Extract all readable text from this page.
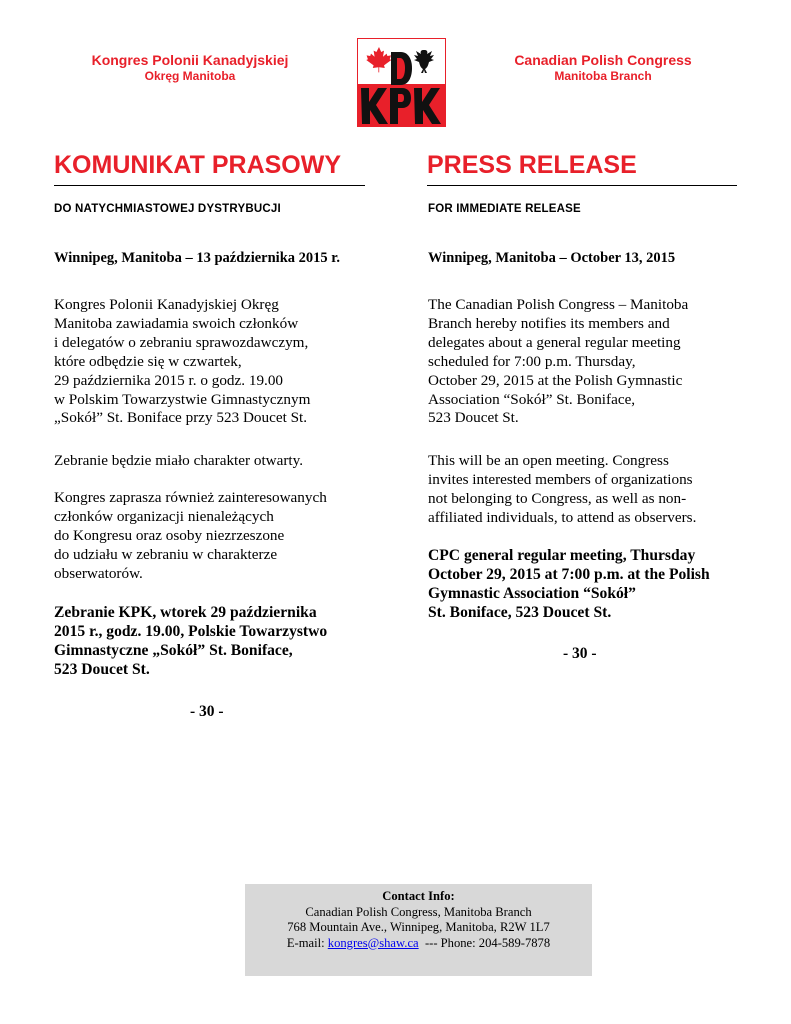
Kongres Polonii Kanadyjskiej
Okręg Manitoba
Canadian Polish Congress
Manitoba Branch
KOMUNIKAT PRASOWY	PRESS RELEASE
DO NATYCHMIASTOWEJ DYSTRYBUCJI	FOR IMMEDIATE RELEASE
Winnipeg, Manitoba – 13 października 2015 r.	Winnipeg, Manitoba – October 13, 2015
Kongres Polonii Kanadyjskiej Okręg
Manitoba zawiadamia swoich członków
i delegatów o zebraniu sprawozdawczym,
które odbędzie się w czwartek,
29 października 2015 r. o godz. 19.00
w Polskim Towarzystwie Gimnastycznym
„Sokół” St. Boniface przy 523 Doucet St.
Zebranie będzie miało charakter otwarty.
Kongres zaprasza również zainteresowanych
członków organizacji nienależących
do Kongresu oraz osoby niezrzeszone
do udziału w zebraniu w charakterze
obserwatorów.
Zebranie KPK, wtorek 29 października
2015 r., godz. 19.00, Polskie Towarzystwo
Gimnastyczne „Sokół” St. Boniface,
523 Doucet St.
- 30 -
The Canadian Polish Congress – Manitoba
Branch hereby notifies its members and
delegates about a general regular meeting
scheduled for 7:00 p.m. Thursday,
October 29, 2015 at the Polish Gymnastic
Association “Sokół” St. Boniface,
523 Doucet St.
This will be an open meeting. Congress
invites interested members of organizations
not belonging to Congress, as well as non-
affiliated individuals, to attend as observers.
CPC general regular meeting, Thursday
October 29, 2015 at 7:00 p.m. at the Polish
Gymnastic Association “Sokół”
St. Boniface, 523 Doucet St.
- 30 -
Contact Info:
Canadian Polish Congress, Manitoba Branch
768 Mountain Ave., Winnipeg, Manitoba, R2W 1L7
E-mail: kongres@shaw.ca  --- Phone: 204-589-7878
